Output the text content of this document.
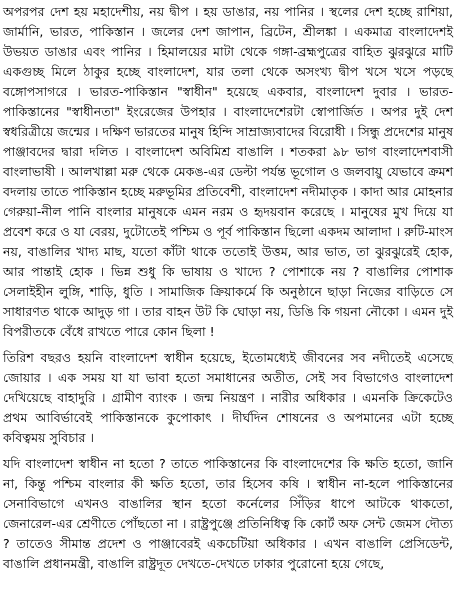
অপরপর দেশ হয় মহাদেশীয়, নয় দ্বীপ । হয় ডাঙার, নয় পানির । স্থলের দেশ হচ্ছে রাশিয়া, জার্মানি, ভারত, পাকিস্তান । জলের দেশ জাপান, ব্রিটেন, শ্রীলঙ্কা । একমাত্র বাংলাদেশই উভয়ত ডাঙার এবং পানির । হিমালয়ের মাটা থেকে গঙ্গা-ব্রহ্মপুত্রের বাহিত ঝুরঝুরে মাটি একগুচ্ছ মিলে ঠাকুর হচ্ছে বাংলাদেশ, যার তলা থেকে অসংখ্য দ্বীপ খসে খসে পড়ছে বঙ্গোপসাগরে । ভারত-পাকিস্তান "স্বাধীন" হয়েছে একবার, বাংলাদেশ দুবার । ভারত-পাকিস্তানের "স্বাধীনতা" ইংরেজের উপহার । বাংলাদেশেরটা স্বোপার্জিত । অপর দুই দেশ স্বধরিত্রীয়ে জন্মের । দক্ষিণ ভারতের মানুষ হিন্দি সাম্রাজ্যবাদের বিরোধী । সিন্ধু প্রদেশের মানুষ পাঞ্জাবদের দ্বারা দলিত । বাংলাদেশ অবিমিশ্র বাঙালি । শতকরা ৯৮ ভাগ বাংলাদেশবাসী বাংলাভাষী । আলখাল্লা মরু থেকে মেকঙ-এর ডেল্টা পর্যন্ত ভূগোল ও জলবায়ু যেভাবে ক্রমশ বদলায় তাতে পাকিস্তান হচ্ছে মরুভূমির প্রতিবেশী, বাংলাদেশ নদীমাতৃক । কাদা আর মোহনার গেরুয়া-নীল পানি বাংলার মানুষকে এমন নরম ও হৃদয়বান করেছে । মানুষের মুখ দিয়ে যা প্রবেশ করে ও যা বেরয়, দুটোতেই পশ্চিম ও পূর্ব পাকিস্তান ছিলো একদম আলাদা । রুটি-মাংস নয়, বাঙালির খাদ্য মাছ, যতো কাঁটা থাকে ততোই উত্তম, আর ভাত, তা ঝুরঝুরেই হোক, আর পান্তাই হোক । ভিন্ন শুধু কি ভাষায় ও খাদ্যে ? পোশাকে নয় ? বাঙালির পোশাক সেলাইহীন লুঙ্গি, শাড়ি, ধুতি । সামাজিক ক্রিয়াকর্মে কি অনুষ্ঠানে ছাড়া নিজের বাড়িতে সে সাধারণত থাকে আদুড় গা । তার বাহন উট কি ঘোড়া নয়, ডিঙি কি গয়না নৌকো । এমন দুই বিপরীতকে বেঁধে রাখতে পারে কোন ছিলা !

তিরিশ বছরও হয়নি বাংলাদেশ স্বাধীন হয়েছে, ইতোমধ্যেই জীবনের সব নদীতেই এসেছে জোয়ার । এক সময় যা যা ভাবা হতো সমাধানের অতীত, সেই সব বিভাগেও বাংলাদেশ দেখিয়েছে বাহাদুরি । গ্রামীণ ব্যাংক । জন্ম নিয়ন্ত্রণ । নারীর অধিকার । এমনকি ক্রিকেটেও প্রথম আবির্ভাবেই পাকিস্তানকে কুপোকাৎ । দীর্ঘদিন শোষনের ও অপমানের এটা হচ্ছে কবিত্বময় সুবিচার ।

যদি বাংলাদেশ স্বাধীন না হতো ? তাতে পাকিস্তানের কি বাংলাদেশের কি ক্ষতি হতো, জানি না, কিন্তু পশ্চিম বাংলার কী ক্ষতি হতো, তার হিসেব কষি । স্বাধীন না-হলে পাকিস্তানের সেনাবিভাগে এখনও বাঙালির স্থান হতো কর্নেলের সিঁড়ির ধাপে আটকে থাকতো, জেনারেল-এর শ্রেণীতে পোঁছতো না । রাষ্ট্রপুঞ্জে প্রতিনিধিত্ব কি কোর্ট অফ সেন্ট জেমস দৌত্য ? তাতেও সীমান্ত প্রদেশ ও পাঞ্জাবেরই একচেটিয়া অধিকার । এখন বাঙালি প্রেসিডেন্ট, বাঙালি প্রধানমন্ত্রী, বাঙালি রাষ্ট্রদূত দেখতে-দেখতে ঢাকার পুরোনো হয়ে গেছে,
